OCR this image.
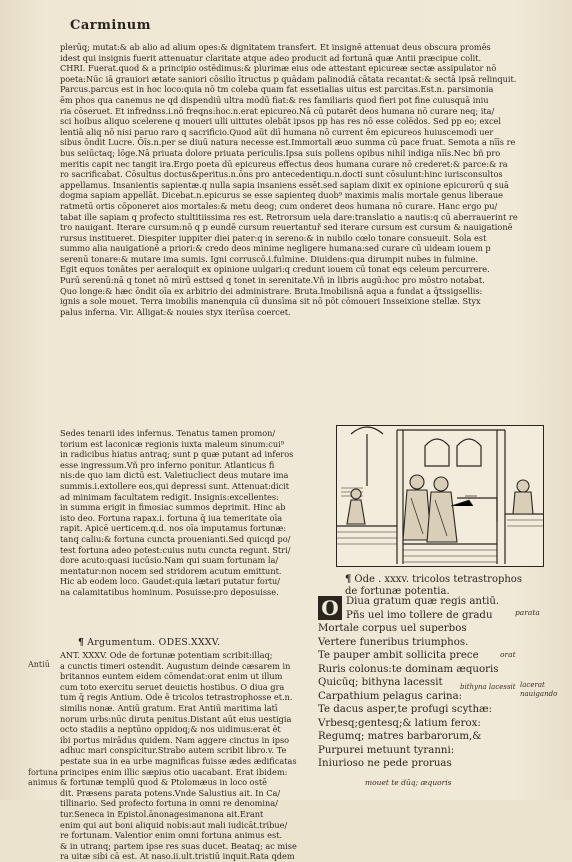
Carminum
plerūq; mutat:& ab alio ad alium opes:& dignitatem transfert. Et insignē attenuat deus obscura promēs
idest qui insignis fuerit attenuatur claritate atque adeo producit ad fortunā quæ Antii præcipue colit.
CHRI. Fuerat.quod & a principio ostēdimus:& plurimæ eius ode attestant epicureæ sectæ assipulator nō
poeta:Nūc iā grauiori ætate saniori cōsilio ītructus p quādam palinodiā cātata recantat:& sectā ipsā relinquit.
Parcus.parcus est in hoc loco:quia nō tm coleba quam fat essetialias uitus est parcitas.Est.n. parsimonia
ēm phos qua canemus ne qd dispendiū ultra modū fiat:& res familiaris quod fieri pot fine cuiusquā iniu
ria cōseruet. Et infrednss.i.nō freqns:hoc.n.erat epicureo.Nā cū putarēt deos humana nō curare neq; ita/
sci hoibus aliquo scelerene q moueri ulli uittutes olebāt ipsos pp has res nō esse colēdos. Sed pp eo; excel
lentiā aliq nō nisi paruo raro q sacrificio.Quod aūt diī humana nō current ēm epicureos huiuscemodi uer
sibus ōndit Lucre. Ōīs.n.per se diuū natura necesse est.Immortali æuo summa cū pace fruat. Semota a nīīs re
bus seiūctaq; lōge.Nā priuata dolore priuata periculis.Ipsa suis pollens opibus nihil indiga nīīs.Nec bñ pro
meritis capit nec tangit ira.Ergo poeta dū epicureus effectus deos humana curare nō crederet:& parce:& ra
ro sacrificabat. Cōsultus doctus&peritus.n.ōns pro antecedentiqu.n.docti sunt cōsulunt:hinc iurisconsultos
appellamus. Insanientis sapientæ.q nulla sapia insaniens essēt.sed sapiam dixit ex opinione epicurorū q suā
dogma sapiam appellāt. Dicebat.n.epicurus se esse sapienteq duob⁹ maximis malis mortale genus liberaue
ratmetū ortis cōponeret aios mortales:& metu deog; cum onderet deos humana nō curare. Hanc ergo pu/
tabat ille sapiam q profecto stultitiissima res est. Retrorsum uela dare:translatio a nautis:q cū aberrauerint re
tro nauigant. Iterare cursum:nō q p eundē cursum reuertantuř sed iterare cursum est cursum & nauigationē
rursus institueret. Diespiter iuppiter diei pater:q in sereno:& in nubilo cœlo tonare consueuit. Sola est
summo alia nauigationē a priori:& credo deos minime negligere humana:sed curare cū uideam iouem p
serenū tonare:& mutare ima sumis. Igni corruscō.i.fulmine. Diuidens:qua dirumpit nubes in fulmine.
Egit equos tonātes per aeraloquit ex opinione uulgari:q credunt iouem cū tonat eqs celeum percurrere.
Purū serenū:nā q tonet nō mirū esttsed q tonet in serenitate.Vñ in libris augū:hoc pro mōstro notabat.
Quo longe:& hæc ōndit oīa ex arbitrio dei administrare. Bruta.Imobilisnā aqua a fundat a q̄tssigsellis:
ignis a sole mouet. Terra imobilis manenquia cū dunsīma sit nō pōt cōmoueri Insseixione stellæ. Styx
palus inferna. Vir. Alligat:& nouies styx iterūsa coercet.
Sedes tenarii ides infernus. Tenatus tamen promon/
torium est laconicæ regionis iuxta maleum sinum:cui⁹
in radicibus hiatus antraq; sunt p quæ putant ad inferos
esse ingressum.Vñ pro inferno ponitur. Atlanticus fi
nis:de quo iam dictū est. Valetiucliect deus mutare ima
summis.i.extollere eos,qui depressi sunt. Attenuat:dicit
ad minimam facultatem redigit. Insignis:excellentes:
in summa erigit in fimosiac summos deprimit. Hinc ab
isto deo. Fortuna rapax.i. fortuna q̄ iua temeritate oīa
rapit. Apicē uerticem.q.d. nos oīa imputamus fortunæ:
tanq caliu:& fortuna cuncta prouenianti.Sed quicqd po/
test fortuna adeo potest:cuius nutu cuncta regunt. Stri/
dore acuto:quasi iucūsio.Nam qui suam fortunam la/
mentatur:non nocem sed stridorem acutum emittunt.
Hic ab eodem loco. Gaudet:quia lætari putatur fortu/
na calamitatibus hominum. Posuisse:pro deposuisse.
¶ Ode . xxxv. tricolos tetrastrophos de fortunæ potentia.
¶ Argumentum. ODES.XXXV.
ANT. XXXV. Ode de fortunæ potentiam scribit:illaq;
a cunctis timeri ostendit. Augustum deinde cæsarem in
britannos euntem eidem cōmendat:orat enim ut illum
cum toto exercitu seruet deuictis hostibus. O diua gra
tum q̄ regis Antium. Ode ē tricolos tetrastrophosse et.n.
similis nonæ. Antiū gratum. Erat Antiū maritima latī
norum urbs:nūc diruta penitus.Distant aūt eius uestigia
octo stadiis a neptūno oppidoq;& nos uidimus:erat ēt
ibi portus mirādus quidem. Nam aggere cinctus in ipso
adhuc mari conspicitur.Strabo autem scribit libro.v. Te
pestate sua in ea urbe magnificas fuisse ædes ædificatas
principes enim illic sæpius otio uacabant. Erat ibidem:
& fortunæ templū quod & Ptolomæus in loco ostē
dit. Præsens parata potens.Vnde Salustius ait. In Ca/
tillinario. Sed profecto fortuna in omni re denomina/
tur.Seneca in Epistol.ānonagesimanona ait.Erant
enim qui aut boni aliquid nobis:aut mali iudicāt.tribue/
re fortunam. Valentior enim omni fortuna animus est.
& in utranq; partem ipse res suas ducet. Beataq; ac mise
ra uitæ sibi cā est. At naso.ii.ult.tristiū inquit.Rata qdem
O Diua gratum quæ regis antiū.
Pñs uel imo tollere de gradu
Mortale corpus uel superbos
Vertere funeribus triumphos.
Te pauper ambit sollicita prece
Ruris colonus:te dominam æquoris
Quicūq; bithyna lacessit
Carpathium pelagus carina:
Te dacus asper,te profugi scythæ:
Vrbesq;gentesq;& latium ferox:
Regumq; matres barbarorum,&
Purpurei metuunt tyranni:
Iniurioso ne pede proruas
Antiū
fortuna animus
parata
orat
bithyna lacessit lacerat nauigando
mouet te dūq; æquoris
